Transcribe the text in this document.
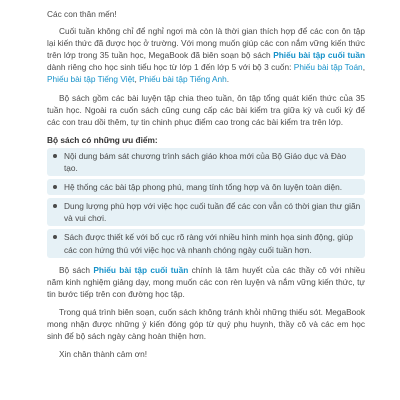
Các con thân mến!

Cuối tuần không chỉ để nghỉ ngơi mà còn là thời gian thích hợp để các con ôn tập lại kiến thức đã được học ở trường. Với mong muốn giúp các con nắm vững kiến thức trên lớp trong 35 tuần học, MegaBook đã biên soạn bộ sách Phiếu bài tập cuối tuần dành riêng cho học sinh tiểu học từ lớp 1 đến lớp 5 với bộ 3 cuốn: Phiếu bài tập Toán, Phiếu bài tập Tiếng Việt, Phiếu bài tập Tiếng Anh.

Bộ sách gồm các bài luyện tập chia theo tuần, ôn tập tổng quát kiến thức của 35 tuần học. Ngoài ra cuốn sách cũng cung cấp các bài kiểm tra giữa kỳ và cuối kỳ để các con trau dồi thêm, tự tin chinh phục điểm cao trong các bài kiểm tra trên lớp.

Bộ sách có những ưu điểm:

Nội dung bám sát chương trình sách giáo khoa mới của Bộ Giáo dục và Đào tạo.
Hệ thống các bài tập phong phú, mang tính tổng hợp và ôn luyện toàn diện.
Dung lượng phù hợp với việc học cuối tuần để các con vẫn có thời gian thư giãn và vui chơi.
Sách được thiết kế với bố cục rõ ràng với nhiều hình minh họa sinh động, giúp các con hứng thú với việc học và nhanh chóng ngày cuối tuần hơn.

Bộ sách Phiếu bài tập cuối tuần chính là tâm huyết của các thầy cô với nhiều năm kinh nghiệm giảng dạy, mong muốn các con rèn luyện và nắm vững kiến thức, tự tin bước tiếp trên con đường học tập.

Trong quá trình biên soạn, cuốn sách không tránh khỏi những thiếu sót. MegaBook mong nhận được những ý kiến đóng góp từ quý phụ huynh, thầy cô và các em học sinh để bộ sách ngày càng hoàn thiện hơn.

Xin chân thành cảm ơn!
